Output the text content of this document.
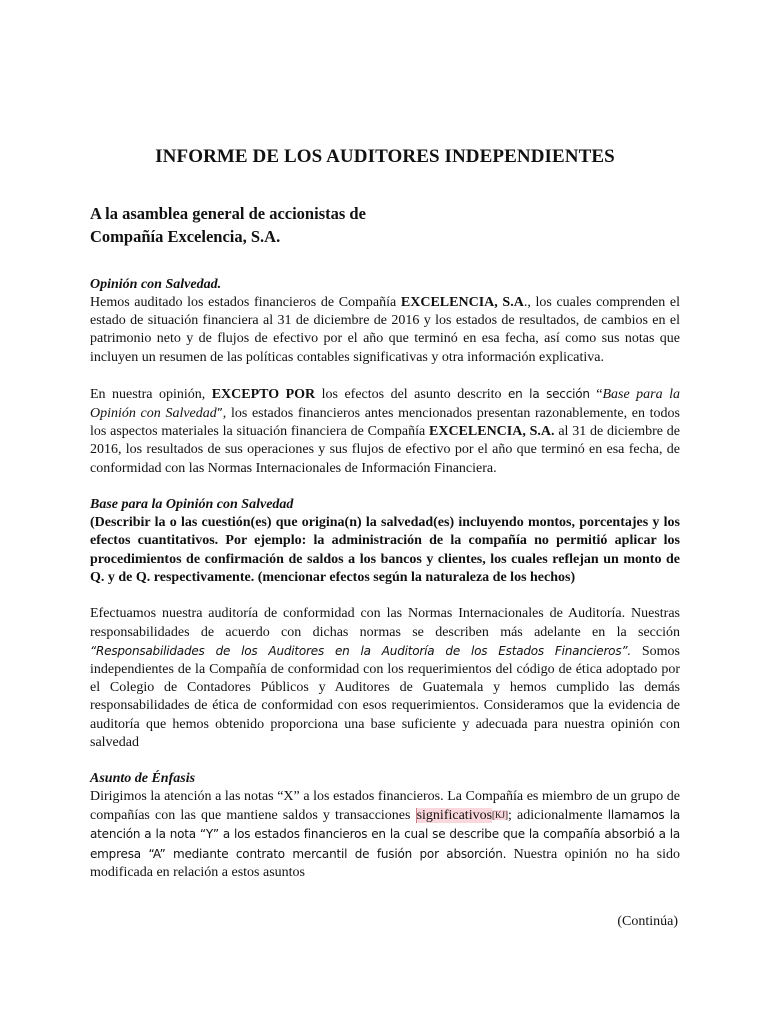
INFORME DE LOS AUDITORES INDEPENDIENTES
A la asamblea general de accionistas de
Compañía Excelencia, S.A.
Opinión con Salvedad.

Hemos auditado los estados financieros de Compañía EXCELENCIA, S.A., los cuales comprenden el estado de situación financiera al 31 de diciembre de 2016 y los estados de resultados, de cambios en el patrimonio neto y de flujos de efectivo por el año que terminó en esa fecha, así como sus notas que incluyen un resumen de las políticas contables significativas y otra información explicativa.

En nuestra opinión, EXCEPTO POR los efectos del asunto descrito en la sección “Base para la Opinión con Salvedad”, los estados financieros antes mencionados presentan razonablemente, en todos los aspectos materiales la situación financiera de Compañía EXCELENCIA, S.A. al 31 de diciembre de 2016, los resultados de sus operaciones y sus flujos de efectivo por el año que terminó en esa fecha, de conformidad con las Normas Internacionales de Información Financiera.

Base para la Opinión con Salvedad

(Describir la o las cuestión(es) que origina(n) la salvedad(es) incluyendo montos, porcentajes y los efectos cuantitativos. Por ejemplo: la administración de la compañía no permitió aplicar los procedimientos de confirmación de saldos a los bancos y clientes, los cuales reflejan un monto de Q. y de Q. respectivamente. (mencionar efectos según la naturaleza de los hechos)

Efectuamos nuestra auditoría de conformidad con las Normas Internacionales de Auditoría. Nuestras responsabilidades de acuerdo con dichas normas se describen más adelante en la sección “Responsabilidades de los Auditores en la Auditoría de los Estados Financieros”. Somos independientes de la Compañía de conformidad con los requerimientos del código de ética adoptado por el Colegio de Contadores Públicos y Auditores de Guatemala y hemos cumplido las demás responsabilidades de ética de conformidad con esos requerimientos. Consideramos que la evidencia de auditoría que hemos obtenido proporciona una base suficiente y adecuada para nuestra opinión con salvedad

Asunto de Énfasis

Dirigimos la atención a las notas “X” a los estados financieros. La Compañía es miembro de un grupo de compañías con las que mantiene saldos y transacciones significativos[KJ]; adicionalmente llamamos la atención a la nota “Y” a los estados financieros en la cual se describe que la compañía absorbió a la empresa “A” mediante contrato mercantil de fusión por absorción. Nuestra opinión no ha sido modificada en relación a estos asuntos

(Continúa)
